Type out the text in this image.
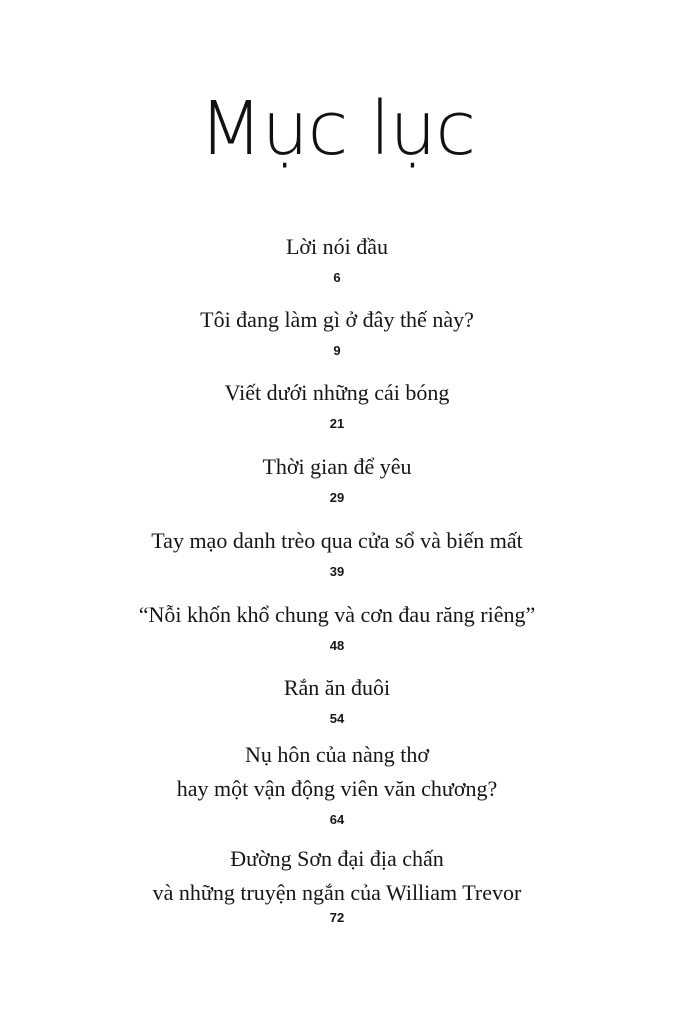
Mục lục
Lời nói đầu
6
Tôi đang làm gì ở đây thế này?
9
Viết dưới những cái bóng
21
Thời gian để yêu
29
Tay mạo danh trèo qua cửa sổ và biến mất
39
“Nỗi khốn khổ chung và cơn đau răng riêng”
48
Rắn ăn đuôi
54
Nụ hôn của nàng thơ
hay một vận động viên văn chương?
64
Đường Sơn đại địa chấn
và những truyện ngắn của William Trevor
72
